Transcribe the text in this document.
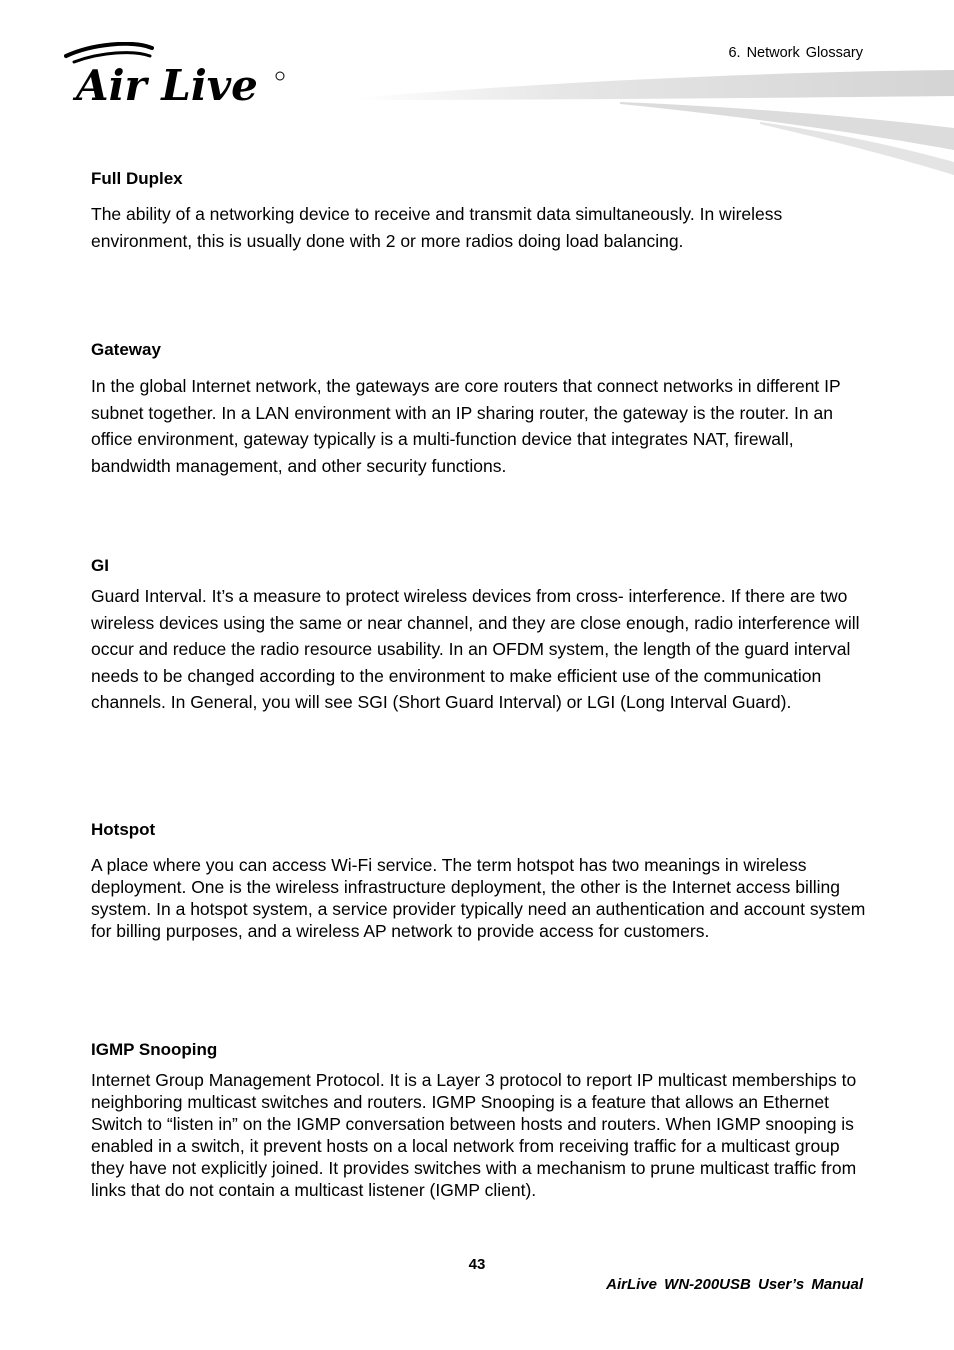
Air Live
6. Network Glossary
Full Duplex
The ability of a networking device to receive and transmit data simultaneously. In wireless environment, this is usually done with 2 or more radios doing load balancing.
Gateway
In the global Internet network, the gateways are core routers that connect networks in different IP subnet together. In a LAN environment with an IP sharing router, the gateway is the router. In an office environment, gateway typically is a multi-function device that integrates NAT, firewall, bandwidth management, and other security functions.
GI
Guard Interval. It’s a measure to protect wireless devices from cross- interference. If there are two wireless devices using the same or near channel, and they are close enough, radio interference will occur and reduce the radio resource usability. In an OFDM system, the length of the guard interval needs to be changed according to the environment to make efficient use of the communication channels. In General, you will see SGI (Short Guard Interval) or LGI (Long Interval Guard).
Hotspot
A place where you can access Wi-Fi service. The term hotspot has two meanings in wireless deployment. One is the wireless infrastructure deployment, the other is the Internet access billing system. In a hotspot system, a service provider typically need an authentication and account system for billing purposes, and a wireless AP network to provide access for customers.
IGMP Snooping
Internet Group Management Protocol. It is a Layer 3 protocol to report IP multicast memberships to neighboring multicast switches and routers. IGMP Snooping is a feature that allows an Ethernet Switch to “listen in” on the IGMP conversation between hosts and routers. When IGMP snooping is enabled in a switch, it prevent hosts on a local network from receiving traffic for a multicast group they have not explicitly joined. It provides switches with a mechanism to prune multicast traffic from links that do not contain a multicast listener (IGMP client).
43
AirLive WN-200USB User’s Manual
